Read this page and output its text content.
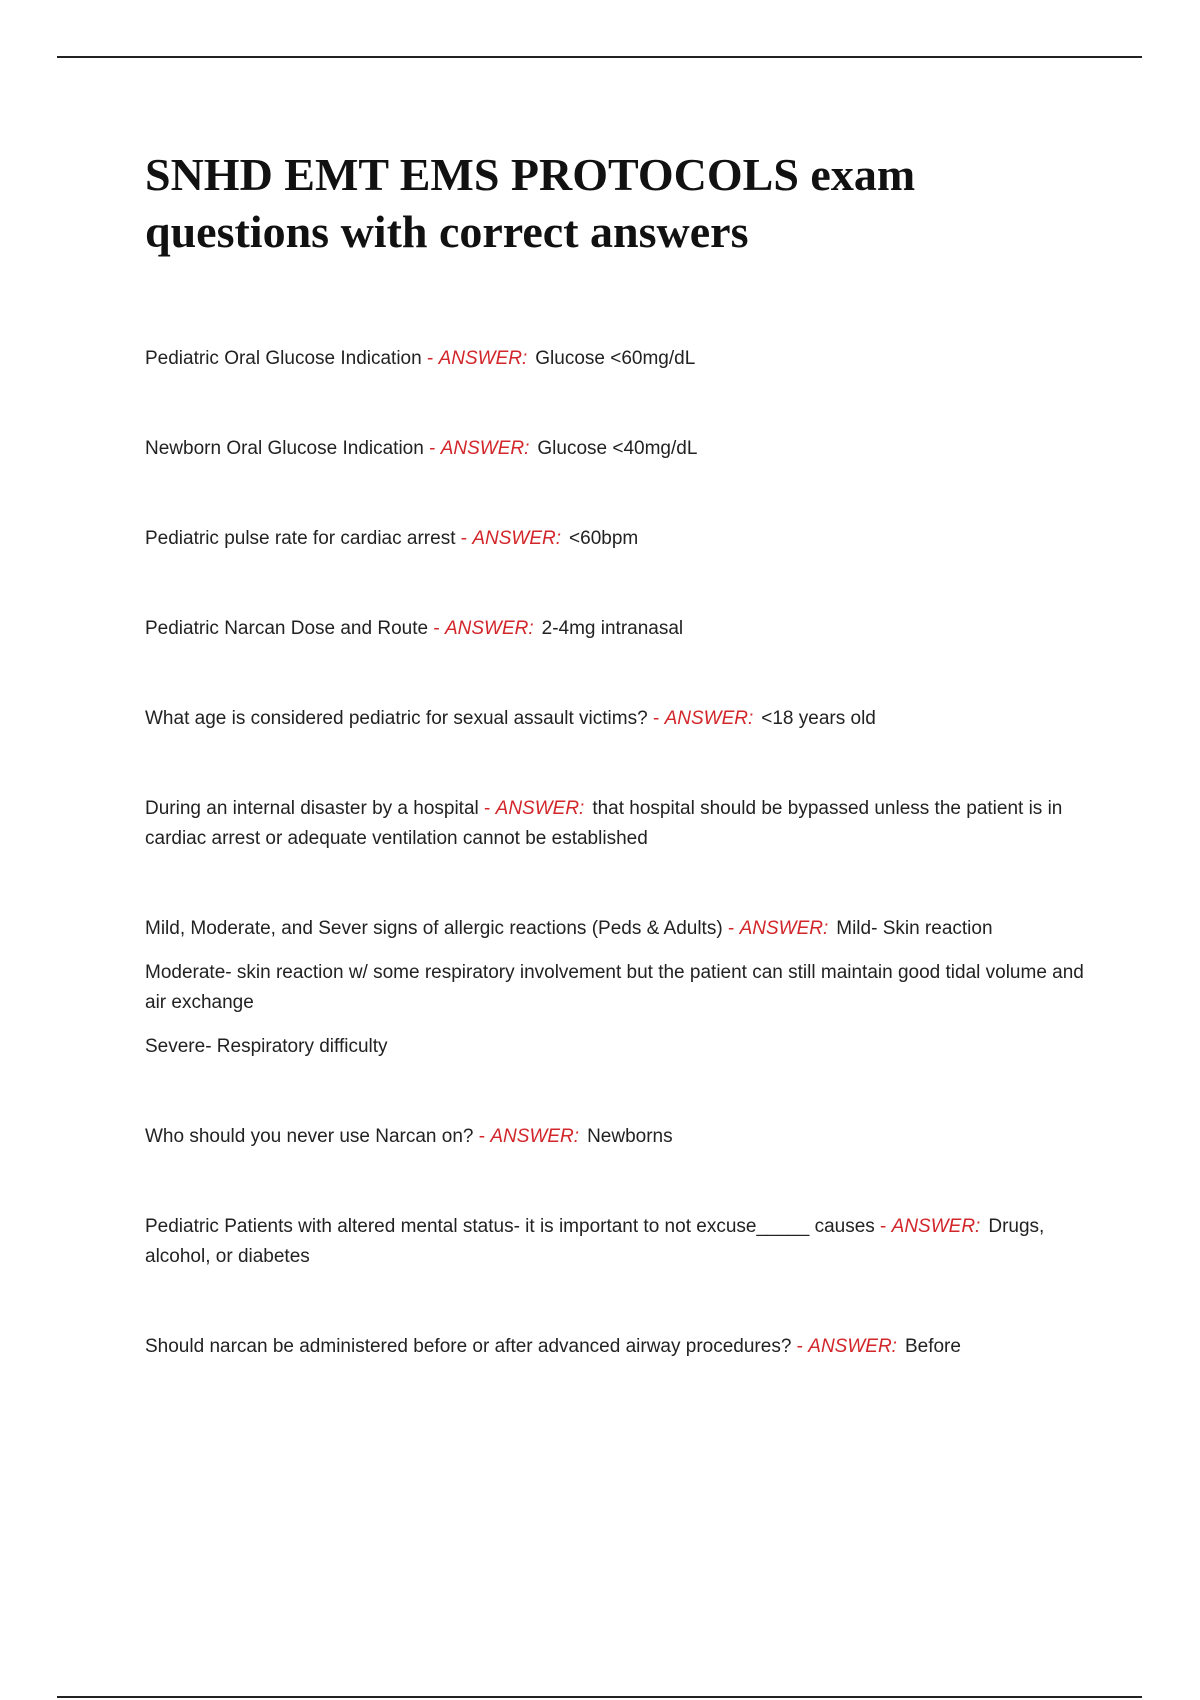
SNHD EMT EMS PROTOCOLS exam questions with correct answers

Pediatric Oral Glucose Indication - ANSWER: Glucose <60mg/dL

Newborn Oral Glucose Indication - ANSWER: Glucose <40mg/dL

Pediatric pulse rate for cardiac arrest - ANSWER: <60bpm

Pediatric Narcan Dose and Route - ANSWER: 2-4mg intranasal

What age is considered pediatric for sexual assault victims? - ANSWER: <18 years old

During an internal disaster by a hospital - ANSWER: that hospital should be bypassed unless the patient is in cardiac arrest or adequate ventilation cannot be established

Mild, Moderate, and Sever signs of allergic reactions (Peds & Adults) - ANSWER: Mild- Skin reaction

Moderate- skin reaction w/ some respiratory involvement but the patient can still maintain good tidal volume and air exchange

Severe- Respiratory difficulty

Who should you never use Narcan on? - ANSWER: Newborns

Pediatric Patients with altered mental status- it is important to not excuse_____ causes - ANSWER: Drugs, alcohol, or diabetes

Should narcan be administered before or after advanced airway procedures? - ANSWER: Before
